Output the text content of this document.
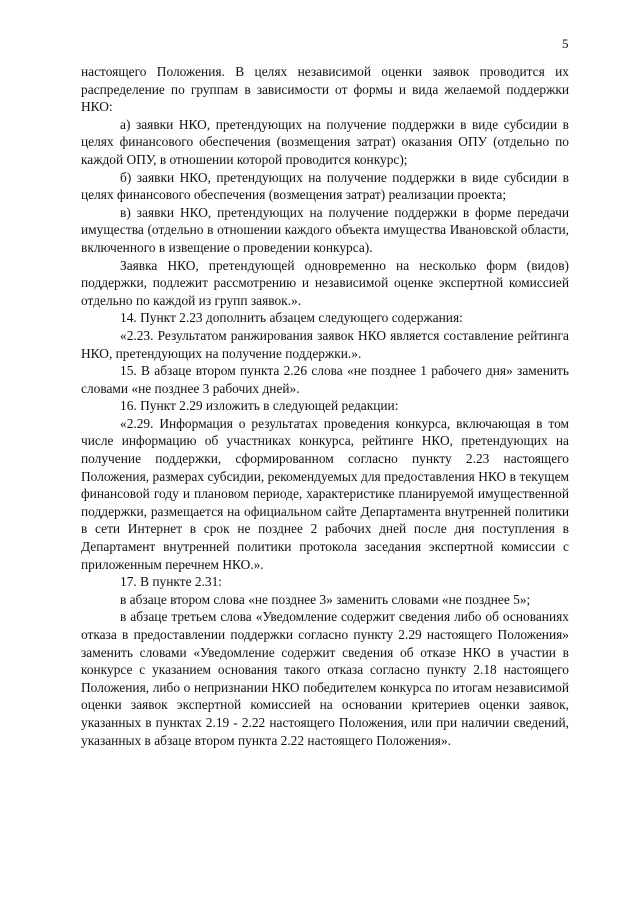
5

настоящего Положения. В целях независимой оценки заявок проводится их распределение по группам в зависимости от формы и вида желаемой поддержки НКО:

а) заявки НКО, претендующих на получение поддержки в виде субсидии в целях финансового обеспечения (возмещения затрат) оказания ОПУ (отдельно по каждой ОПУ, в отношении которой проводится конкурс);

б) заявки НКО, претендующих на получение поддержки в виде субсидии в целях финансового обеспечения (возмещения затрат) реализации проекта;

в) заявки НКО, претендующих на получение поддержки в форме передачи имущества (отдельно в отношении каждого объекта имущества Ивановской области, включенного в извещение о проведении конкурса).

Заявка НКО, претендующей одновременно на несколько форм (видов) поддержки, подлежит рассмотрению и независимой оценке экспертной комиссией отдельно по каждой из групп заявок.».

14. Пункт 2.23 дополнить абзацем следующего содержания:

«2.23. Результатом ранжирования заявок НКО является составление рейтинга НКО, претендующих на получение поддержки.».

15. В абзаце втором пункта 2.26 слова «не позднее 1 рабочего дня» заменить словами «не позднее 3 рабочих дней».

16. Пункт 2.29 изложить в следующей редакции:

«2.29. Информация о результатах проведения конкурса, включающая в том числе информацию об участниках конкурса, рейтинге НКО, претендующих на получение поддержки, сформированном согласно пункту 2.23 настоящего Положения, размерах субсидии, рекомендуемых для предоставления НКО в текущем финансовой году и плановом периоде, характеристике планируемой имущественной поддержки, размещается на официальном сайте Департамента внутренней политики в сети Интернет в срок не позднее 2 рабочих дней после дня поступления в Департамент внутренней политики протокола заседания экспертной комиссии с приложенным перечнем НКО.».

17. В пункте 2.31:

в абзаце втором слова «не позднее 3» заменить словами «не позднее 5»;

в абзаце третьем слова «Уведомление содержит сведения либо об основаниях отказа в предоставлении поддержки согласно пункту 2.29 настоящего Положения» заменить словами «Уведомление содержит сведения об отказе НКО в участии в конкурсе с указанием основания такого отказа согласно пункту 2.18 настоящего Положения, либо о непризнании НКО победителем конкурса по итогам независимой оценки заявок экспертной комиссией на основании критериев оценки заявок, указанных в пунктах 2.19 - 2.22 настоящего Положения, или при наличии сведений, указанных в абзаце втором пункта 2.22 настоящего Положения».
